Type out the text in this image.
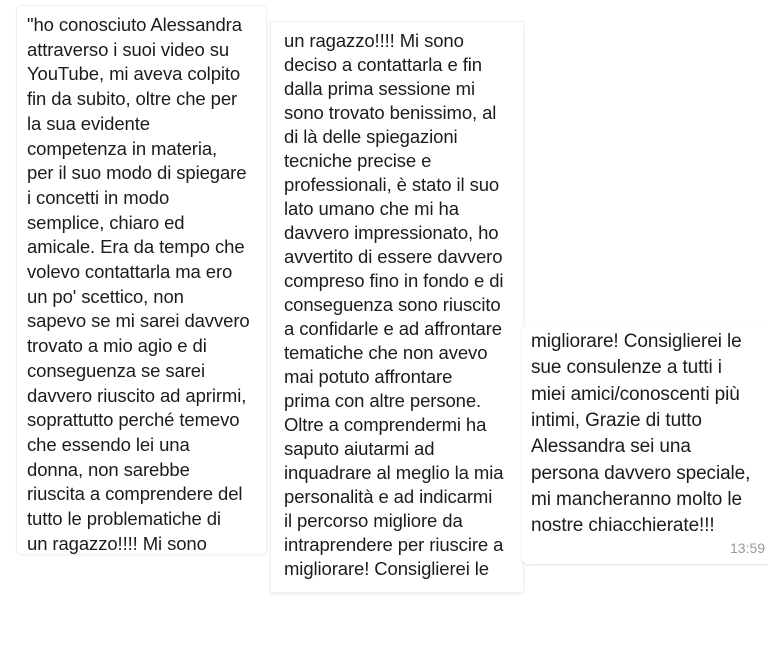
"ho conosciuto Alessandra
attraverso i suoi video su
YouTube, mi aveva colpito
fin da subito, oltre che per
la sua evidente
competenza in materia,
per il suo modo di spiegare
i concetti in modo
semplice, chiaro ed
amicale. Era da tempo che
volevo contattarla ma ero
un po' scettico, non
sapevo se mi sarei davvero
trovato a mio agio e di
conseguenza se sarei
davvero riuscito ad aprirmi,
soprattutto perché temevo
che essendo lei una
donna, non sarebbe
riuscita a comprendere del
tutto le problematiche di
un ragazzo!!!! Mi sono
un ragazzo!!!! Mi sono
deciso a contattarla e fin
dalla prima sessione mi
sono trovato benissimo, al
di là delle spiegazioni
tecniche precise e
professionali, è stato il suo
lato umano che mi ha
davvero impressionato, ho
avvertito di essere davvero
compreso fino in fondo e di
conseguenza sono riuscito
a confidarle e ad affrontare
tematiche che non avevo
mai potuto affrontare
prima con altre persone.
Oltre a comprendermi ha
saputo aiutarmi ad
inquadrare al meglio la mia
personalità e ad indicarmi
il percorso migliore da
intraprendere per riuscire a
migliorare! Consiglierei le
13:59
migliorare! Consiglierei le
sue consulenze a tutti i
miei amici/conoscenti più
intimi, Grazie di tutto
Alessandra sei una
persona davvero speciale,
mi mancheranno molto le
nostre chiacchierate!!!
